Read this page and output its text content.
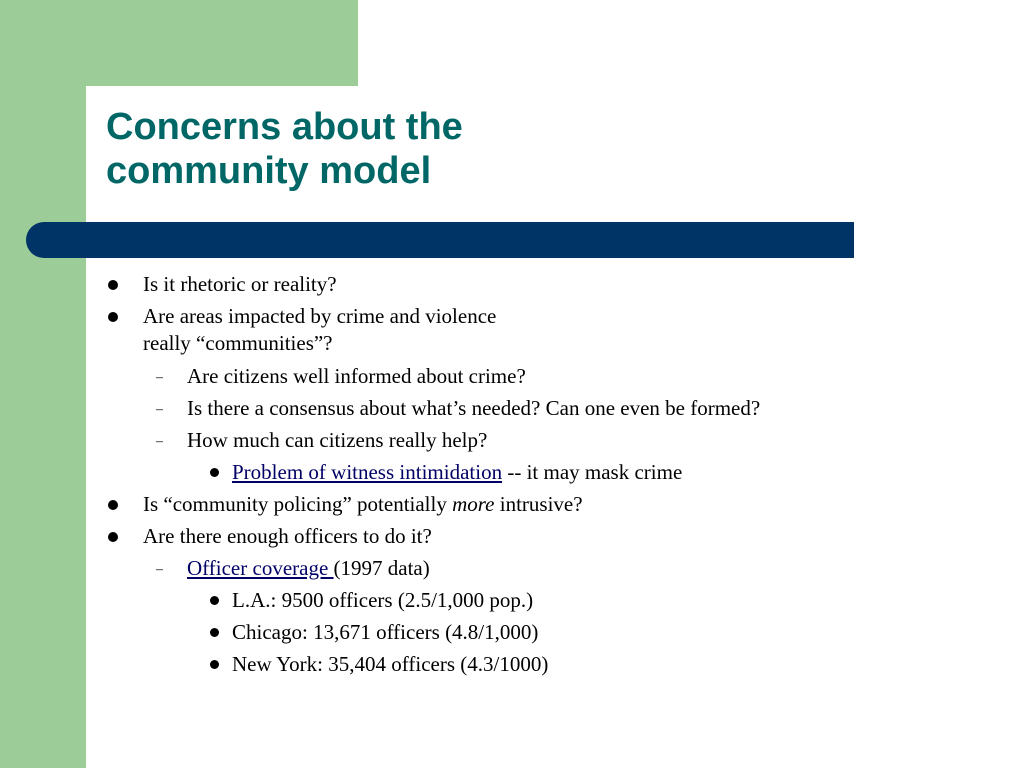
Concerns about the
community model
Is it rhetoric or reality?
Are areas impacted by crime and violence
really “communities”?
– Are citizens well informed about crime?
– Is there a consensus about what’s needed? Can one even be formed?
– How much can citizens really help?
Problem of witness intimidation -- it may mask crime
Is “community policing” potentially more intrusive?
Are there enough officers to do it?
– Officer coverage (1997 data)
L.A.: 9500 officers (2.5/1,000 pop.)
Chicago: 13,671 officers (4.8/1,000)
New York: 35,404 officers (4.3/1000)
